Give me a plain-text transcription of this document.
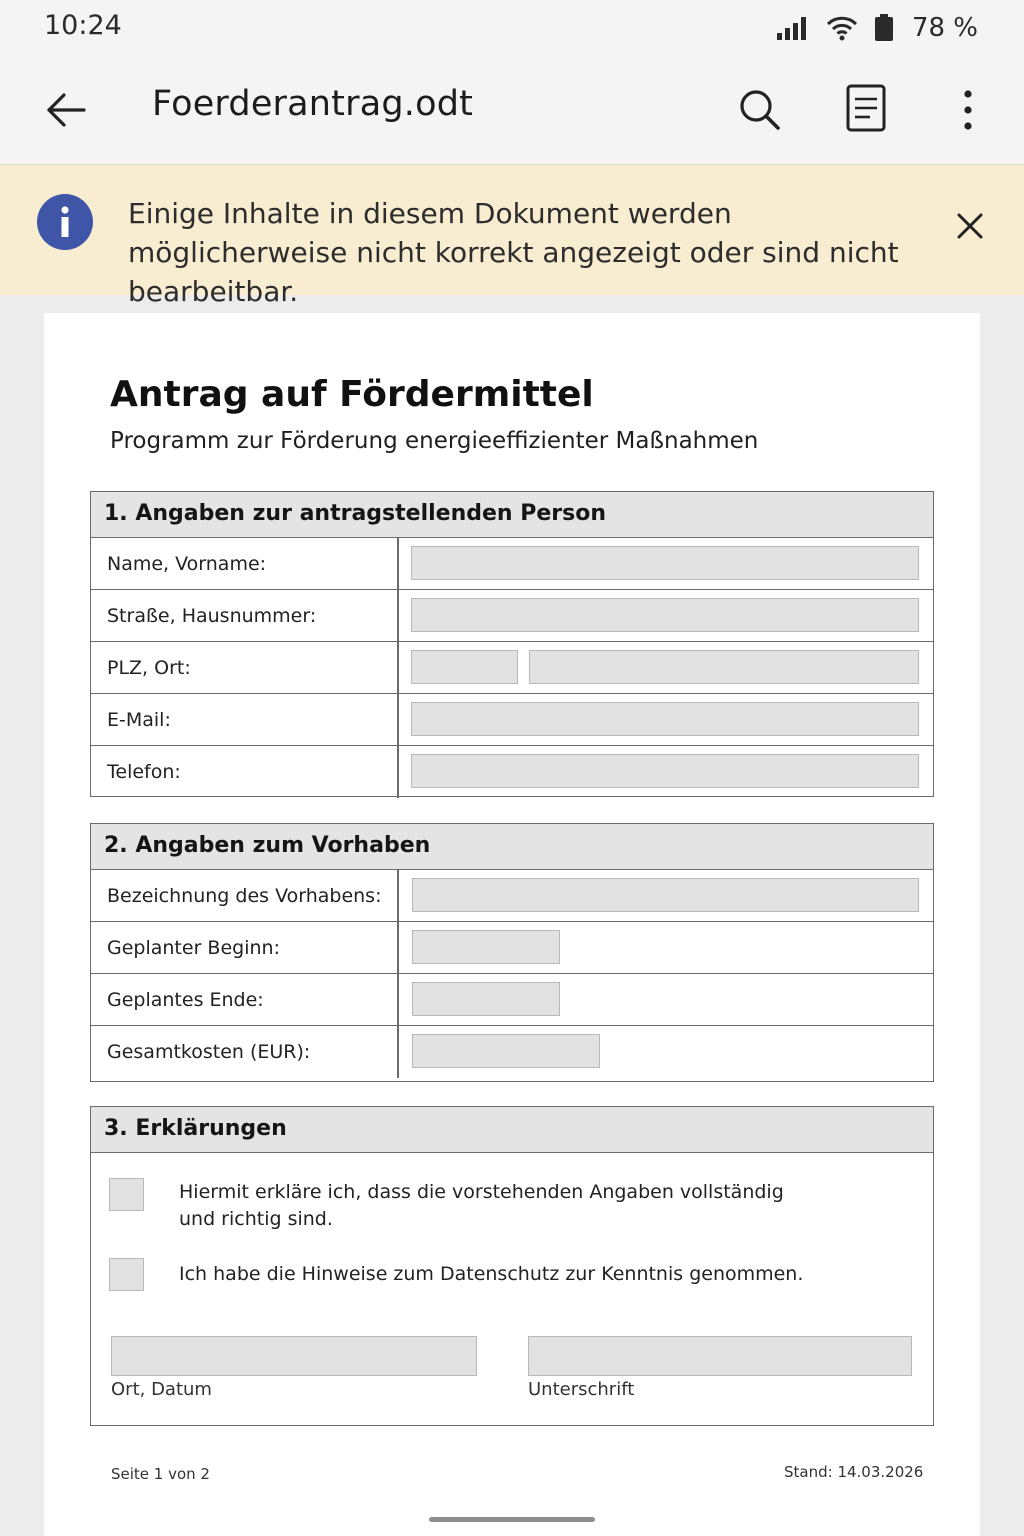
10:24	78 %
Foerderantrag.odt
Einige Inhalte in diesem Dokument werden möglicherweise nicht korrekt angezeigt oder sind nicht bearbeitbar.
Antrag auf Fördermittel
Programm zur Förderung energieeffizienter Maßnahmen
1. Angaben zur antragstellenden Person
Name, Vorname:
Straße, Hausnummer:
PLZ, Ort:
E-Mail:
Telefon:
2. Angaben zum Vorhaben
Bezeichnung des Vorhabens:
Geplanter Beginn:
Geplantes Ende:
Gesamtkosten (EUR):
3. Erklärungen
Hiermit erkläre ich, dass die vorstehenden Angaben vollständig und richtig sind.
Ich habe die Hinweise zum Datenschutz zur Kenntnis genommen.
Ort, Datum	Unterschrift
Seite 1 von 2	Stand: 14.03.2026
